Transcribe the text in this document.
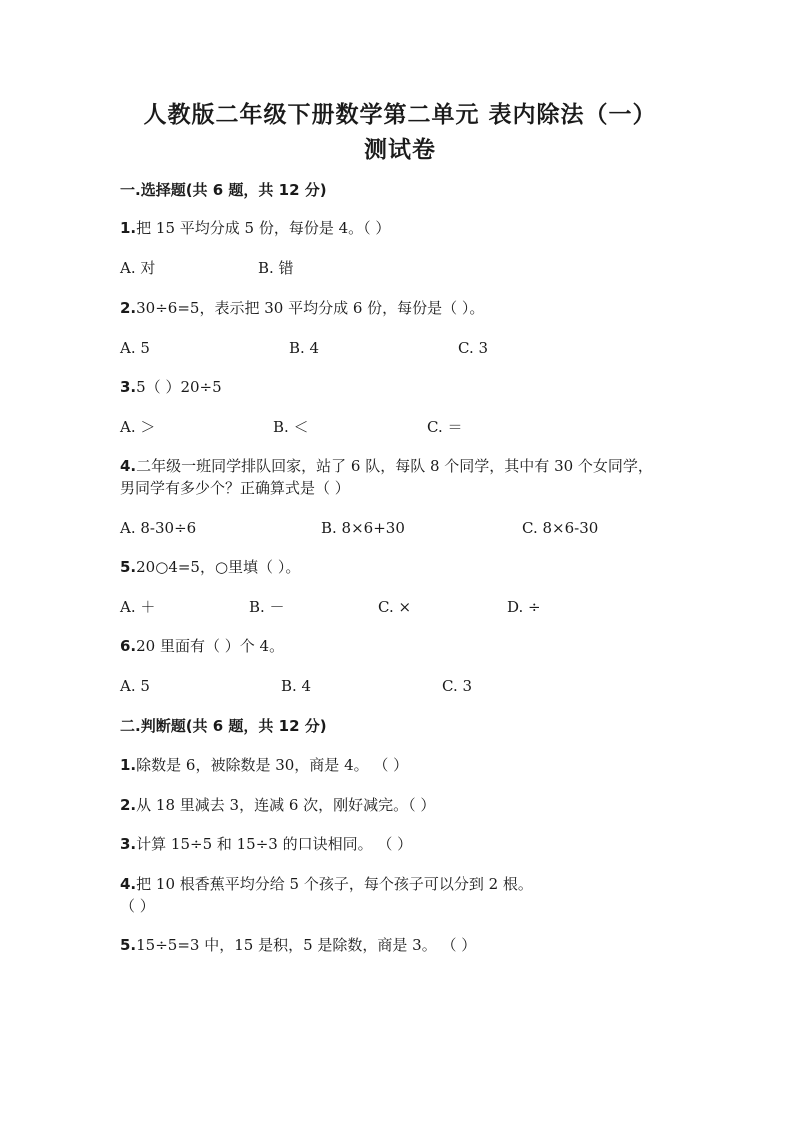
人教版二年级下册数学第二单元 表内除法（一）
测试卷
一.选择题(共 6 题，共 12 分)
1.把 15 平均分成 5 份，每份是 4。（ ）
A. 对	B. 错
2.30÷6=5，表示把 30 平均分成 6 份，每份是（ ）。
A. 5	B. 4	C. 3
3.5（ ）20÷5
A. ＞	B. ＜	C. ＝
4.二年级一班同学排队回家，站了 6 队，每队 8 个同学，其中有 30 个女同学，
男同学有多少个？正确算式是（ ）
A. 8-30÷6	B. 8×6+30	C. 8×6-30
5.20○4=5，○里填（ ）。
A. ＋	B. －	C. ×	D. ÷
6.20 里面有（ ）个 4。
A. 5	B. 4	C. 3
二.判断题(共 6 题，共 12 分)
1.除数是 6，被除数是 30，商是 4。 （ ）
2.从 18 里减去 3，连减 6 次，刚好减完。（ ）
3.计算 15÷5 和 15÷3 的口诀相同。 （ ）
4.把 10 根香蕉平均分给 5 个孩子，每个孩子可以分到 2 根。
（ ）
5.15÷5=3 中，15 是积，5 是除数，商是 3。 （ ）
